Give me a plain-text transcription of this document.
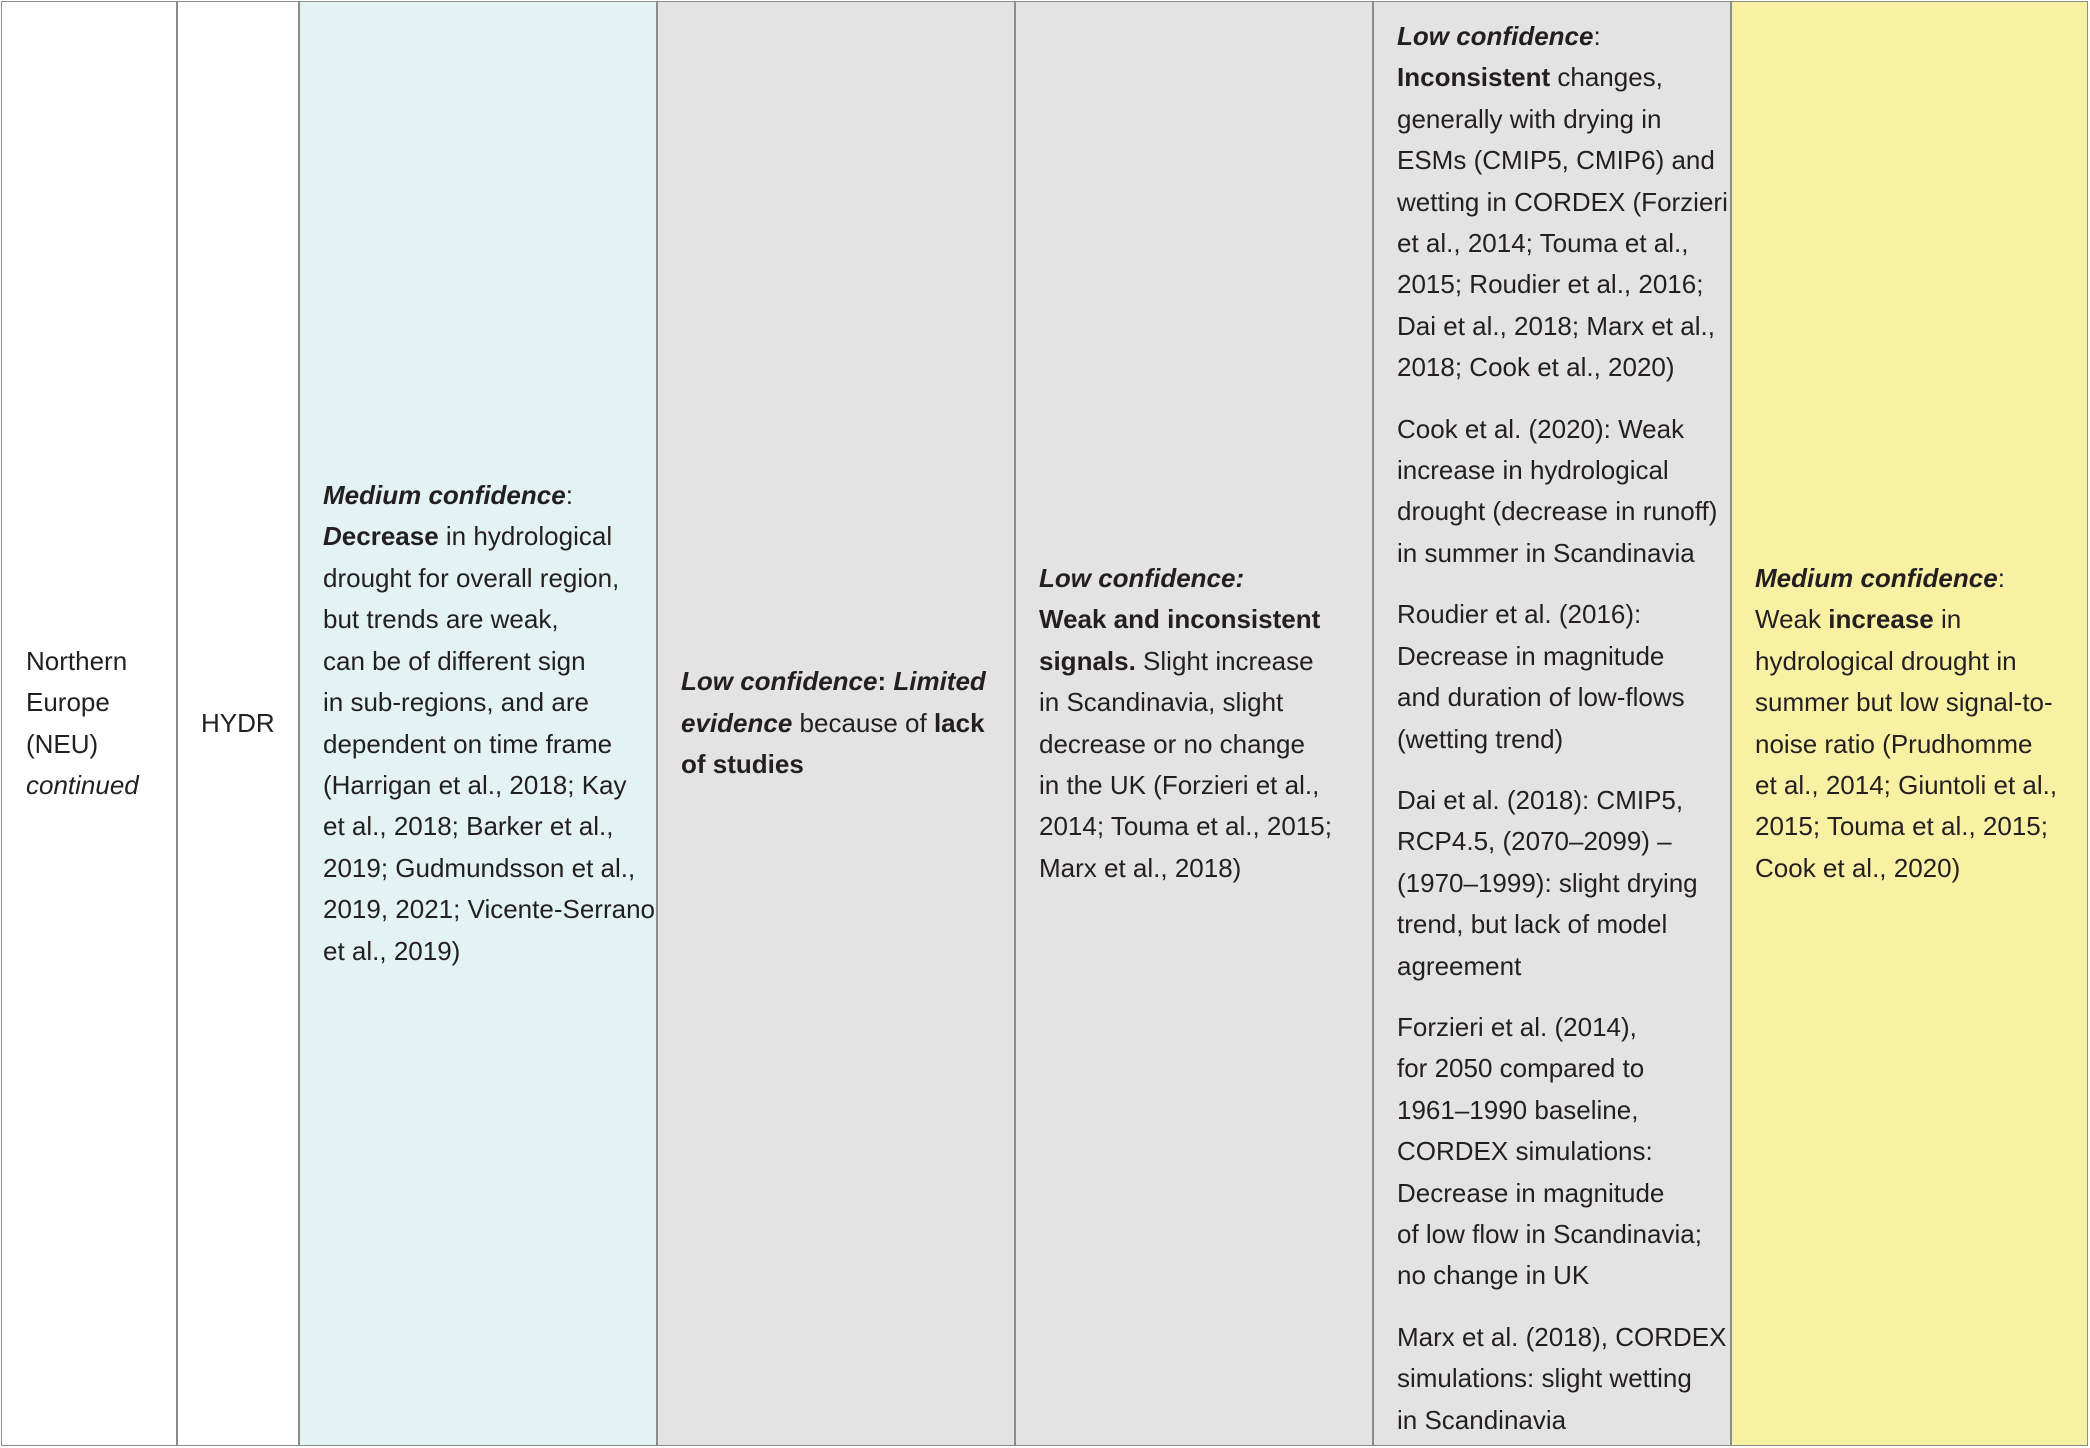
Northern
Europe
(NEU)
continued
HYDR
Medium confidence:
Decrease in hydrological
drought for overall region,
but trends are weak,
can be of different sign
in sub-regions, and are
dependent on time frame
(Harrigan et al., 2018; Kay
et al., 2018; Barker et al.,
2019; Gudmundsson et al.,
2019, 2021; Vicente-Serrano
et al., 2019)
Low confidence: Limited
evidence because of lack
of studies
Low confidence:
Weak and inconsistent
signals. Slight increase
in Scandinavia, slight
decrease or no change
in the UK (Forzieri et al.,
2014; Touma et al., 2015;
Marx et al., 2018)
Low confidence:
Inconsistent changes,
generally with drying in
ESMs (CMIP5, CMIP6) and
wetting in CORDEX (Forzieri
et al., 2014; Touma et al.,
2015; Roudier et al., 2016;
Dai et al., 2018; Marx et al.,
2018; Cook et al., 2020)
Cook et al. (2020): Weak
increase in hydrological
drought (decrease in runoff)
in summer in Scandinavia
Roudier et al. (2016):
Decrease in magnitude
and duration of low-flows
(wetting trend)
Dai et al. (2018): CMIP5,
RCP4.5, (2070–2099) –
(1970–1999): slight drying
trend, but lack of model
agreement
Forzieri et al. (2014),
for 2050 compared to
1961–1990 baseline,
CORDEX simulations:
Decrease in magnitude
of low flow in Scandinavia;
no change in UK
Marx et al. (2018), CORDEX
simulations: slight wetting
in Scandinavia
Medium confidence:
Weak increase in
hydrological drought in
summer but low signal-to-
noise ratio (Prudhomme
et al., 2014; Giuntoli et al.,
2015; Touma et al., 2015;
Cook et al., 2020)
